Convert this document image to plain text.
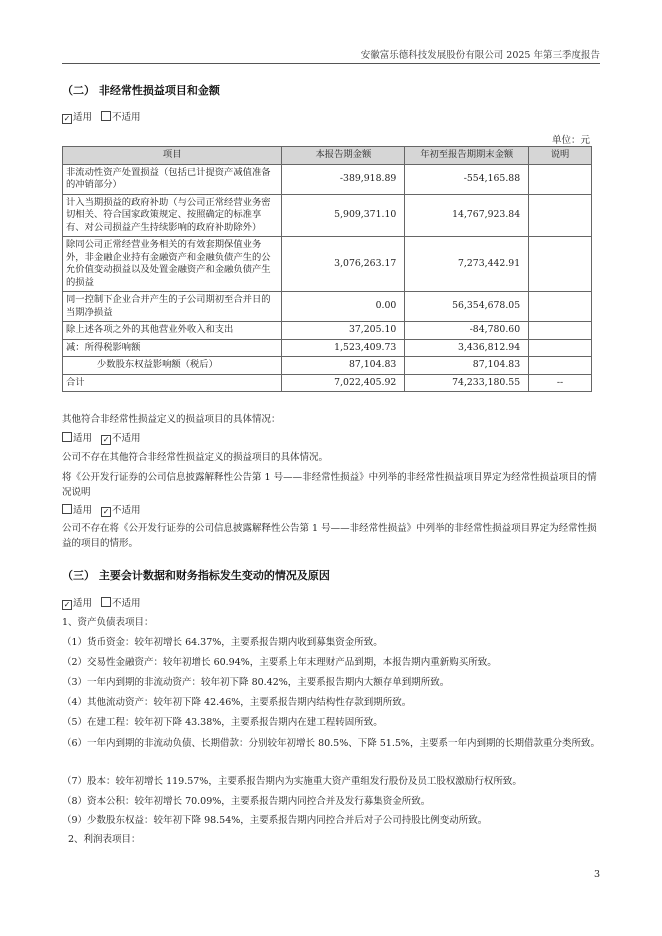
安徽富乐德科技发展股份有限公司 2025 年第三季度报告
（二） 非经常性损益项目和金额
✓适用 不适用
单位：元
项目	本报告期金额	年初至报告期期末金额	说明
非流动性资产处置损益（包括已计提资产减值准备的冲销部分）	-389,918.89	-554,165.88	
计入当期损益的政府补助（与公司正常经营业务密切相关、符合国家政策规定、按照确定的标准享有、对公司损益产生持续影响的政府补助除外）	5,909,371.10	14,767,923.84	
除同公司正常经营业务相关的有效套期保值业务外，非金融企业持有金融资产和金融负债产生的公允价值变动损益以及处置金融资产和金融负债产生的损益	3,076,263.17	7,273,442.91	
同一控制下企业合并产生的子公司期初至合并日的当期净损益	0.00	56,354,678.05	
除上述各项之外的其他营业外收入和支出	37,205.10	-84,780.60	
减：所得税影响额	1,523,409.73	3,436,812.94	
少数股东权益影响额（税后）	87,104.83	87,104.83	
合计	7,022,405.92	74,233,180.55	--
其他符合非经常性损益定义的损益项目的具体情况：
适用 ✓ 不适用
公司不存在其他符合非经常性损益定义的损益项目的具体情况。
将《公开发行证券的公司信息披露解释性公告第 1 号——非经常性损益》中列举的非经常性损益项目界定为经常性损益项目的情况说明
适用 ✓ 不适用
公司不存在将《公开发行证券的公司信息披露解释性公告第 1 号——非经常性损益》中列举的非经常性损益项目界定为经常性损益的项目的情形。
（三） 主要会计数据和财务指标发生变动的情况及原因
✓适用 不适用
1、资产负债表项目：
（1）货币资金：较年初增长 64.37%，主要系报告期内收到募集资金所致。
（2）交易性金融资产：较年初增长 60.94%，主要系上年末理财产品到期，本报告期内重新购买所致。
（3）一年内到期的非流动资产：较年初下降 80.42%，主要系报告期内大额存单到期所致。
（4）其他流动资产：较年初下降 42.46%，主要系报告期内结构性存款到期所致。
（5）在建工程：较年初下降 43.38%，主要系报告期内在建工程转固所致。
（6）一年内到期的非流动负债、长期借款：分别较年初增长 80.5%、下降 51.5%，主要系一年内到期的长期借款重分类所致。
（7）股本：较年初增长 119.57%，主要系报告期内为实施重大资产重组发行股份及员工股权激励行权所致。
（8）资本公积：较年初增长 70.09%，主要系报告期内同控合并及发行募集资金所致。
（9）少数股东权益：较年初下降 98.54%，主要系报告期内同控合并后对子公司持股比例变动所致。
2、利润表项目：
3
